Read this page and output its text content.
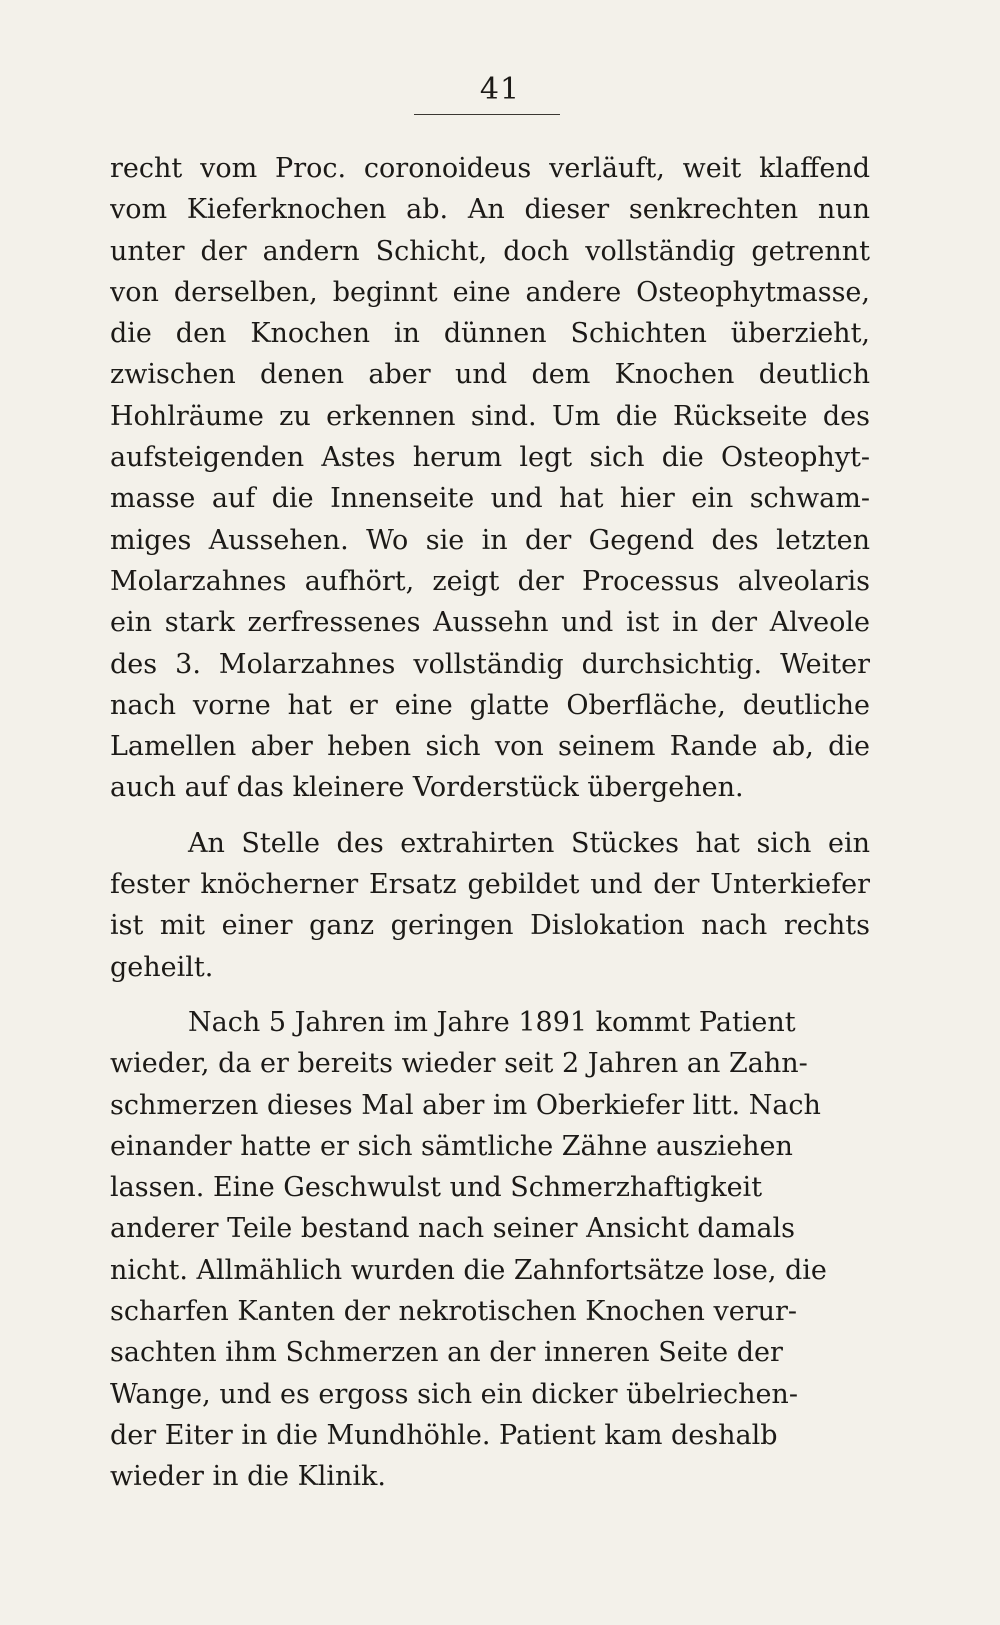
41
recht vom Proc. coronoideus verläuft, weit klaffend
vom Kieferknochen ab. An dieser senkrechten nun
unter der andern Schicht, doch vollständig getrennt
von derselben, beginnt eine andere Osteophytmasse,
die den Knochen in dünnen Schichten überzieht,
zwischen denen aber und dem Knochen deutlich
Hohlräume zu erkennen sind. Um die Rückseite des
aufsteigenden Astes herum legt sich die Osteophyt-
masse auf die Innenseite und hat hier ein schwam-
miges Aussehen. Wo sie in der Gegend des letzten
Molarzahnes aufhört, zeigt der Processus alveolaris
ein stark zerfressenes Aussehn und ist in der Alveole
des 3. Molarzahnes vollständig durchsichtig. Weiter
nach vorne hat er eine glatte Oberfläche, deutliche
Lamellen aber heben sich von seinem Rande ab, die
auch auf das kleinere Vorderstück übergehen.
An Stelle des extrahirten Stückes hat sich ein
fester knöcherner Ersatz gebildet und der Unterkiefer
ist mit einer ganz geringen Dislokation nach rechts
geheilt.
Nach 5 Jahren im Jahre 1891 kommt Patient
wieder, da er bereits wieder seit 2 Jahren an Zahn-
schmerzen dieses Mal aber im Oberkiefer litt. Nach
einander hatte er sich sämtliche Zähne ausziehen
lassen. Eine Geschwulst und Schmerzhaftigkeit
anderer Teile bestand nach seiner Ansicht damals
nicht. Allmählich wurden die Zahnfortsätze lose, die
scharfen Kanten der nekrotischen Knochen verur-
sachten ihm Schmerzen an der inneren Seite der
Wange, und es ergoss sich ein dicker übelriechen-
der Eiter in die Mundhöhle. Patient kam deshalb
wieder in die Klinik.
